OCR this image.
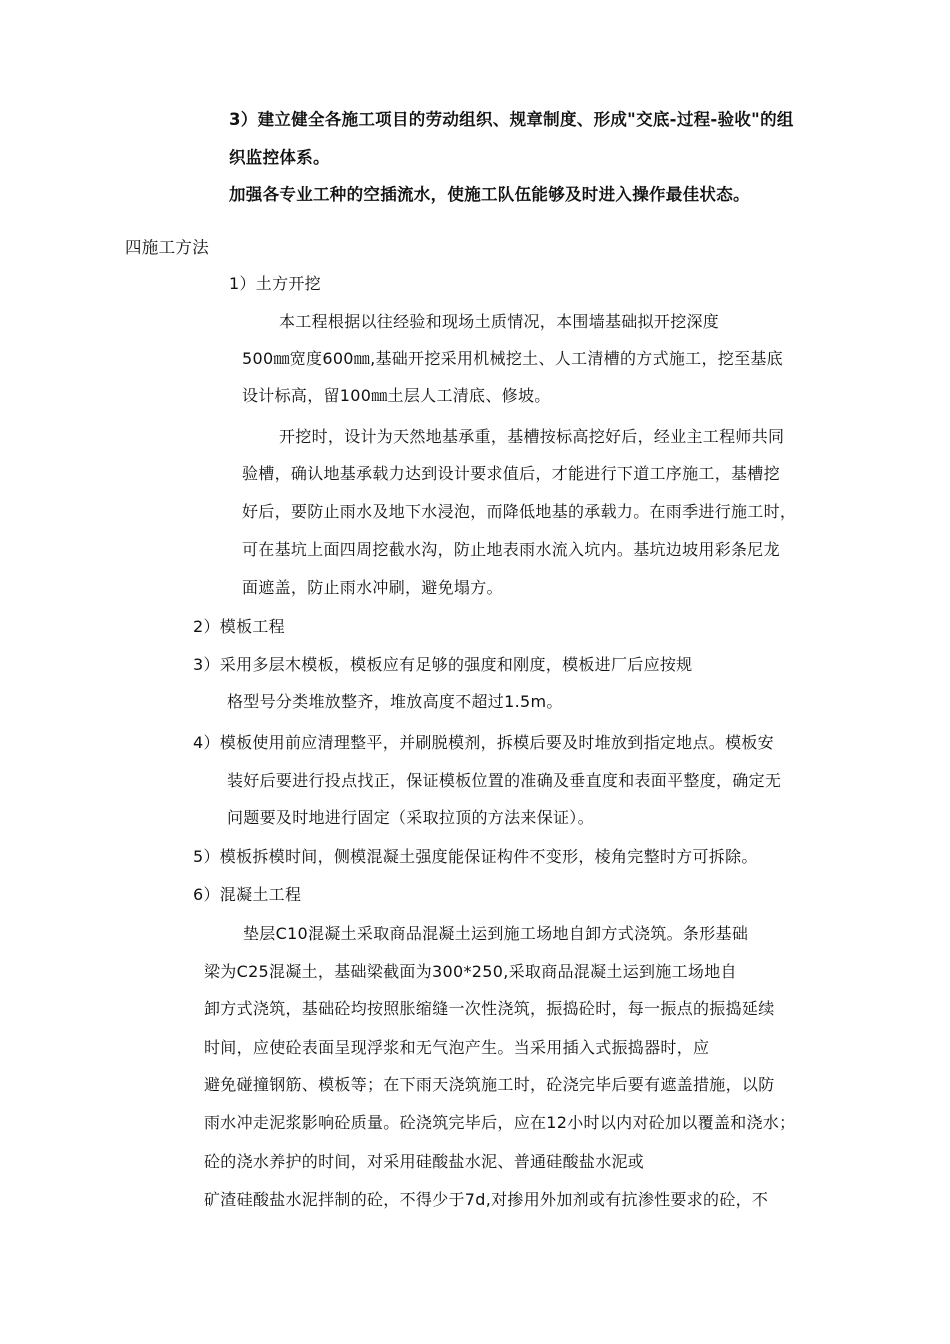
3）建立健全各施工项目的劳动组织、规章制度、形成"交底-过程-验收"的组
织监控体系。
加强各专业工种的空插流水，使施工队伍能够及时进入操作最佳状态。
四施工方法
1）土方开挖
本工程根据以往经验和现场土质情况，本围墙基础拟开挖深度
500㎜宽度600㎜,基础开挖采用机械挖土、人工清槽的方式施工，挖至基底
设计标高，留100㎜土层人工清底、修坡。
开挖时，设计为天然地基承重，基槽按标高挖好后，经业主工程师共同
验槽，确认地基承载力达到设计要求值后，才能进行下道工序施工，基槽挖
好后，要防止雨水及地下水浸泡，而降低地基的承载力。在雨季进行施工时，
可在基坑上面四周挖截水沟，防止地表雨水流入坑内。基坑边坡用彩条尼龙
面遮盖，防止雨水冲刷，避免塌方。
2）模板工程
3）采用多层木模板，模板应有足够的强度和刚度，模板进厂后应按规
格型号分类堆放整齐，堆放高度不超过1.5m。
4）模板使用前应清理整平，并刷脱模剂，拆模后要及时堆放到指定地点。模板安
装好后要进行投点找正，保证模板位置的准确及垂直度和表面平整度，确定无
问题要及时地进行固定（采取拉顶的方法来保证）。
5）模板拆模时间，侧模混凝土强度能保证构件不变形，棱角完整时方可拆除。
6）混凝土工程
垫层C10混凝土采取商品混凝土运到施工场地自卸方式浇筑。条形基础
梁为C25混凝土，基础梁截面为300*250,采取商品混凝土运到施工场地自
卸方式浇筑，基础砼均按照胀缩缝一次性浇筑，振捣砼时，每一振点的振捣延续
时间，应使砼表面呈现浮浆和无气泡产生。当采用插入式振捣器时，应
避免碰撞钢筋、模板等；在下雨天浇筑施工时，砼浇完毕后要有遮盖措施，以防
雨水冲走泥浆影响砼质量。砼浇筑完毕后，应在12小时以内对砼加以覆盖和浇水；
砼的浇水养护的时间，对采用硅酸盐水泥、普通硅酸盐水泥或
矿渣硅酸盐水泥拌制的砼，不得少于7d,对掺用外加剂或有抗渗性要求的砼，不
